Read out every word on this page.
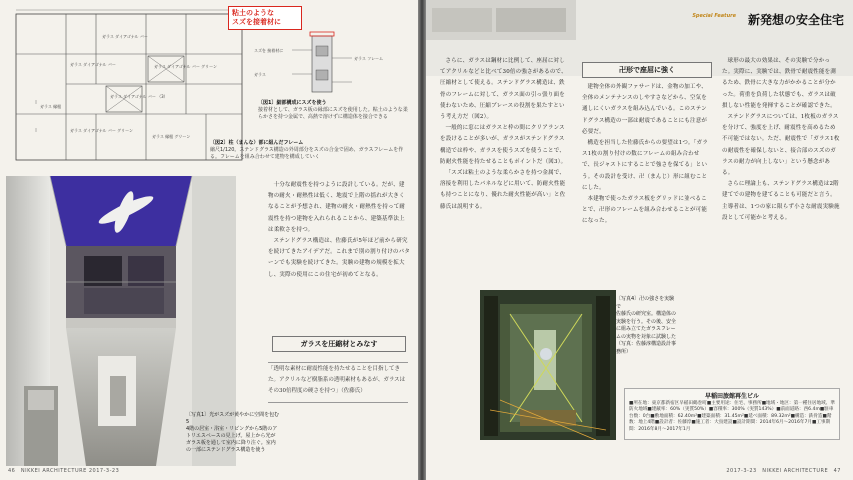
ガラス ダイアゴナル バー
ガラス ダイアゴナル バー
ガラス 縁根
ガラス ダイアゴナル バー （3）
ガラス ダイアゴナル バー グリーン
ガラス ダイアゴナル バー グリーン
ガラス 縁根 グリーン
粘土のような
スズを接着材に
スズを 接着材に
ガラス フレーム
ガラス
〔図1〕細部構成にスズを使う
接着材として、ガラス板の縁部にスズを使用した。粘土のような柔らかさを持つ金属で、高熱で溶けずに構造体を接合できる
〔図2〕柱（まんな）部に組んだフレーム
縮尺1/120。ステンドグラス構造の外周部分をスズの合金で固め、ガラスフレームを作る。フレームを組み合わせて建物を構成していく
〔写真1〕光がスズが黄やかに空間を包む5
4階の居室・浴室・リビングから5階のアトリエスペースの見上げ。屋上から光がガラス板を通して室内に降り注ぐ。室内の一部にステンドグラス構造を使う

十分な耐震性を持つように設計している。だが、建物の耐火・耐熱性は低く、地震で上階の揺れが大きくなることが予想され、建物の耐火・耐熱性を持って耐震性を持つ建物を入れられることから、建築基準法上は柔軟さを持つ。

ステンドグラス構造は、佐藤氏が5年ほど前から研究を続けてきたアイデアだ。これまで別の割り付けのパターンでも実験を続けてきた。実験の建物の規模を拡大し、実際の使用にこの住宅が初めてとなる。

ガラスを圧縮材とみなす
「透明な素材に耐震性能を持たせることを目指してきた。アクリルなど樹脂系の透明素材もあるが、ガラスはその30倍程度の硬さを持つ」（佐藤氏）
46　NIKKEI ARCHITECTURE 2017-3-23
Special Feature 新発想の安全住宅

さらに、ガラスは鋼材に比例して、座屈に対してアクリルなどと比べて30倍の強さがあるので、圧縮材として使える。ステンドグラス構造は、鉄骨のフレームに対して、ガラス面の引っ張り面を使わないため、圧縮ブレースの役割を果たすという考え方だ（図2）。

一般的に窓にはガラスと枠の間にクリアランスを設けることが多いが、ガラスがステンドグラス構造では枠や、ガラスを使うスズを使うことで、防耐火性能を持たせることもポイントだ（図3）。

「スズは粘土のような柔らかさを持つ金属で、溶接を利用したパネルなどに用いて、防耐火性能も持つことになり、優れた耐火性能が高い」と佐藤氏は説明する。

卍形で座屈に強く

建物全体の外観ファサードは、金物の加工や、全体のメンテナンスのしやすさなどから、空気を通しにくいガラスを組み込んでいる。このステンドグラス構造の一部は耐震であることにも注意が必要だ。

構造を担当した佐藤氏からの要望は1つ。「ガラス1枚の割り付けの数にフレームの組み合わせで、長ジャストにすることで強さを保てる」という。その設計を受け、卍（まんじ）形に組むことにした。

本建物で使ったガラス板をグリッドに並べることで、卍形のフレームを組み合わせることが可能になった。

球形の最大の効果は、その実験で分かった。実際に、実験では、鉄骨で耐震性能を測るため、鉄骨に大きな力がかかることが分かった。荷重を負荷した状態でも、ガラスは破損しない性能を発揮することが確認できた。

ステンドグラスについては、1枚板のガラスを分けて、強度を上げ、耐震性を高めるため不可能ではない。ただ、耐震性で「ガラス1枚の耐震性を確保しないと、接合部のスズのガラスの耐力が向上しない」という懸念がある。

さらに理論上も、ステンドグラス構造は2階建てでの建物を建てることも可能だと言う。主導者は、1つの家に限らず小さな耐震実験施設として可能かと考える。

〔写真4〕卍の強さを実験で
佐藤氏の研究室。構造体の実験を行う。その後、安全に組み立てたガラスフレームの実物を対象に試験した（写真：佐藤淳構造設計事務所）
早稲田旅館再生ビル
■所在地：東京都新宿区早稲田鶴巻町■主要用途：住宅、事務所■地域・地区：第一種住居地域、準防火地域■建蔽率：60%（実質50%）■容積率：300%（実質143%）■前面道路：西6.4m■駐車台数：0台■敷地面積：62.40m²■建築面積：31.45m²■延べ面積：89.32m²■構造：鉄骨造■階数：地上4階■設計者：佐藤淳■施工者：大鳥建設■設計期間：2014年6月〜2016年7月■工事期間：2016年8月〜2017年1月
2017-3-23　NIKKEI ARCHITECTURE　47
